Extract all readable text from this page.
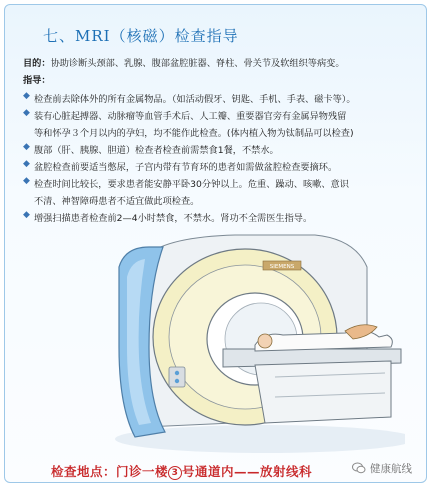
七、MRI（核磁）检查指导
目的：协助诊断头颈部、乳腺、腹部盆腔脏器、脊柱、骨关节及软组织等病变。
指导：
◆ 检查前去除体外的所有金属物品。（如活动假牙、钥匙、手机、手表、磁卡等）。
◆ 装有心脏起搏器、动脉瘤等血管手术后、人工瓣、重要器官旁有金属异物残留
等和怀孕３个月以内的孕妇，均不能作此检查。(体内植入物为钛制品可以检查)
◆ 腹部（肝、胰腺、胆道）检查者检查前需禁食1餐，不禁水。
◆ 盆腔检查前要适当憋尿，子宫内带有节育环的患者如需做盆腔检查要摘环。
◆ 检查时间比较长，要求患者能安静平卧30分钟以上。危重、躁动、咳嗽、意识
不清、神智障碍患者不适宜做此项检查。
◆ 增强扫描患者检查前2—4小时禁食，不禁水。肾功不全需医生指导。
SIEMENS
检查地点：门诊一楼 3 号通道内——放射线科	健康航线
